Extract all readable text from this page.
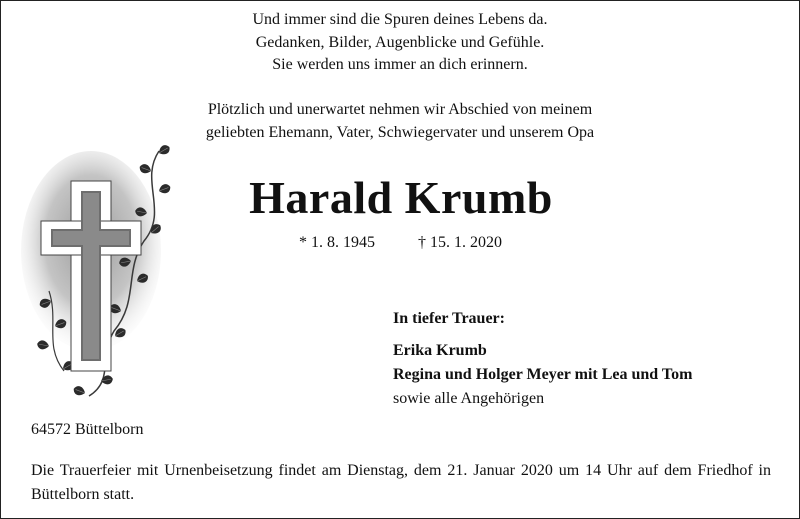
Und immer sind die Spuren deines Lebens da.
Gedanken, Bilder, Augenblicke und Gefühle.
Sie werden uns immer an dich erinnern.
Plötzlich und unerwartet nehmen wir Abschied von meinem
geliebten Ehemann, Vater, Schwiegervater und unserem Opa
Harald Krumb
* 1. 8. 1945	† 15. 1. 2020
In tiefer Trauer:
Erika Krumb
Regina und Holger Meyer mit Lea und Tom
sowie alle Angehörigen
64572 Büttelborn
Die Trauerfeier mit Urnenbeisetzung findet am Dienstag, dem 21. Januar 2020 um 14 Uhr auf dem Friedhof in Büttelborn statt.
